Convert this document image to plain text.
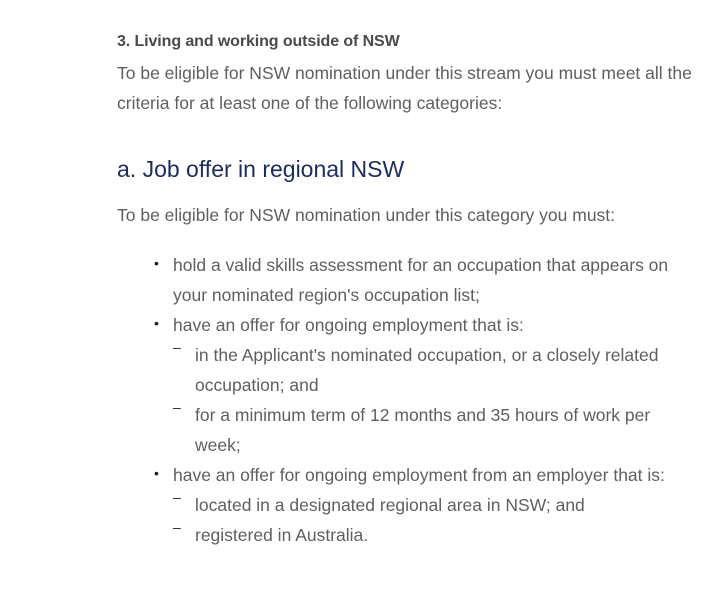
3. Living and working outside of NSW

To be eligible for NSW nomination under this stream you must meet all the criteria for at least one of the following categories:

a. Job offer in regional NSW

To be eligible for NSW nomination under this category you must:

• hold a valid skills assessment for an occupation that appears on your nominated region's occupation list;
• have an offer for ongoing employment that is:
– in the Applicant's nominated occupation, or a closely related occupation; and
– for a minimum term of 12 months and 35 hours of work per week;
• have an offer for ongoing employment from an employer that is:
– located in a designated regional area in NSW; and
– registered in Australia.
